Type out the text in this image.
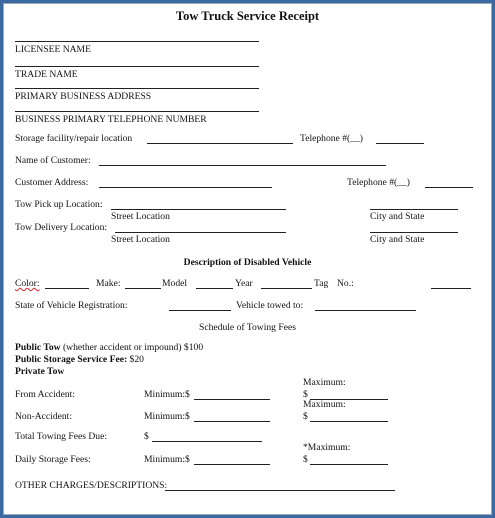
Tow Truck Service Receipt
LICENSEE NAME
TRADE NAME
PRIMARY BUSINESS ADDRESS
BUSINESS PRIMARY TELEPHONE NUMBER
Storage facility/repair location	Telephone #(__)
Name of Customer:
Customer Address:	Telephone #(__)
Tow Pick up Location:
Street Location	City and State
Tow Delivery Location:
Street Location	City and State
Description of Disabled Vehicle
Color:	Make:	Model	Year	Tag No.:
State of Vehicle Registration:	Vehicle towed to:
Schedule of Towing Fees
Public Tow (whether accident or impound) $100
Public Storage Service Fee: $20
Private Tow
Maximum:
From Accident:	Minimum:$	$
Maximum:
Non-Accident:	Minimum:$	$
Total Towing Fees Due:	$
*Maximum:
Daily Storage Fees:	Minimum:$	$
OTHER CHARGES/DESCRIPTIONS:
